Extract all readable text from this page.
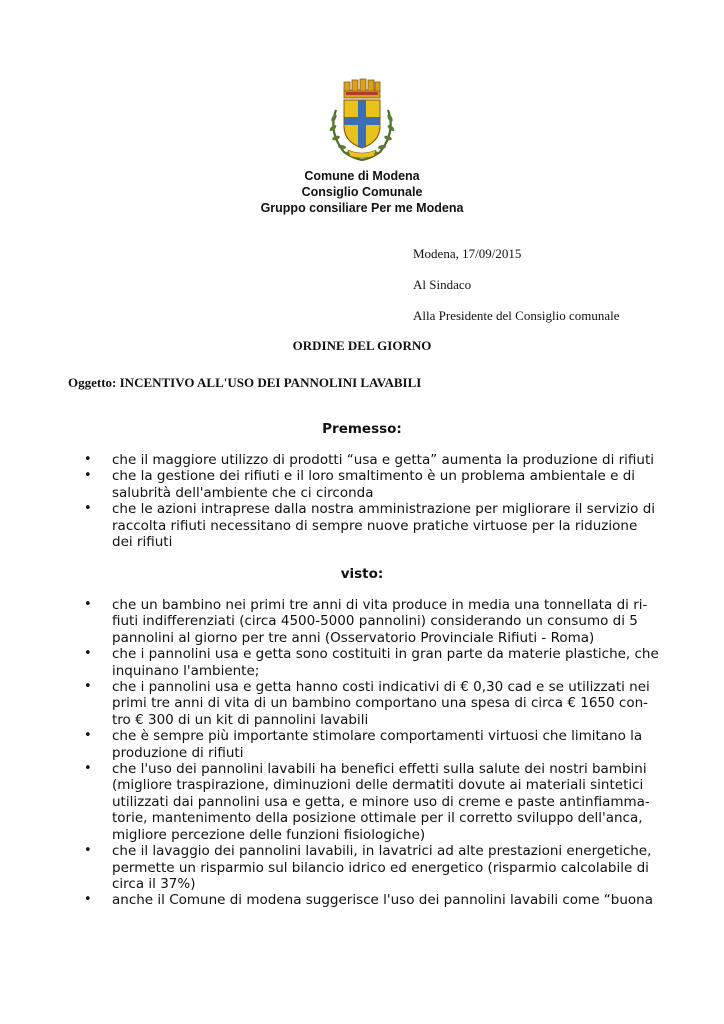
Comune di Modena
Consiglio Comunale
Gruppo consiliare Per me Modena
Modena, 17/09/2015
Al Sindaco
Alla Presidente del Consiglio comunale
ORDINE DEL GIORNO
Oggetto: INCENTIVO ALL'USO DEI PANNOLINI LAVABILI
Premesso:
• che il maggiore utilizzo di prodotti “usa e getta” aumenta la produzione di rifiuti
• che la gestione dei rifiuti e il loro smaltimento è un problema ambientale e di salubrità dell'ambiente che ci circonda
• che le azioni intraprese dalla nostra amministrazione per migliorare il servizio di raccolta rifiuti necessitano di sempre nuove pratiche virtuose per la riduzione dei rifiuti
visto:
• che un bambino nei primi tre anni di vita produce in media una tonnellata di ri-fiuti indifferenziati (circa 4500-5000 pannolini) considerando un consumo di 5 pannolini al giorno per tre anni (Osservatorio Provinciale Rifiuti - Roma)
• che i pannolini usa e getta sono costituiti in gran parte da materie plastiche, che inquinano l'ambiente;
• che i pannolini usa e getta hanno costi indicativi di € 0,30 cad e se utilizzati nei primi tre anni di vita di un bambino comportano una spesa di circa € 1650 con-tro € 300 di un kit di pannolini lavabili
• che è sempre più importante stimolare comportamenti virtuosi che limitano la produzione di rifiuti
• che l'uso dei pannolini lavabili ha benefici effetti sulla salute dei nostri bambini (migliore traspirazione, diminuzioni delle dermatiti dovute ai materiali sintetici utilizzati dai pannolini usa e getta, e minore uso di creme e paste antinfiamma-torie, mantenimento della posizione ottimale per il corretto sviluppo dell'anca, migliore percezione delle funzioni fisiologiche)
• che il lavaggio dei pannolini lavabili, in lavatrici ad alte prestazioni energetiche, permette un risparmio sul bilancio idrico ed energetico (risparmio calcolabile di circa il 37%)
• anche il Comune di modena suggerisce l'uso dei pannolini lavabili come “buona
